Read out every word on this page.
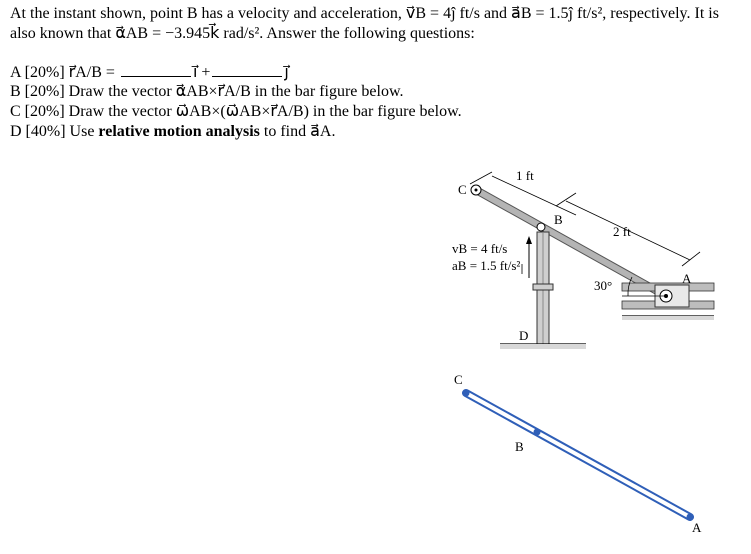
At the instant shown, point B has a velocity and acceleration, v⃗B = 4ĵ ft/s and a⃗B = 1.5ĵ ft/s², respectively. It is
also known that α⃗AB = −3.945k⃗ rad/s². Answer the following questions:
A [20%] r⃗A/B =	ı⃗ +	ȷ⃗
B [20%] Draw the vector α⃗AB×r⃗A/B in the bar figure below.
C [20%] Draw the vector ω⃗AB×(ω⃗AB×r⃗A/B) in the bar figure below.
D [40%] Use relative motion analysis to find a⃗A.
1 ft
2 ft
C
B
D
vB = 4 ft/s
aB = 1.5 ft/s²
A
30°
C
B
A
